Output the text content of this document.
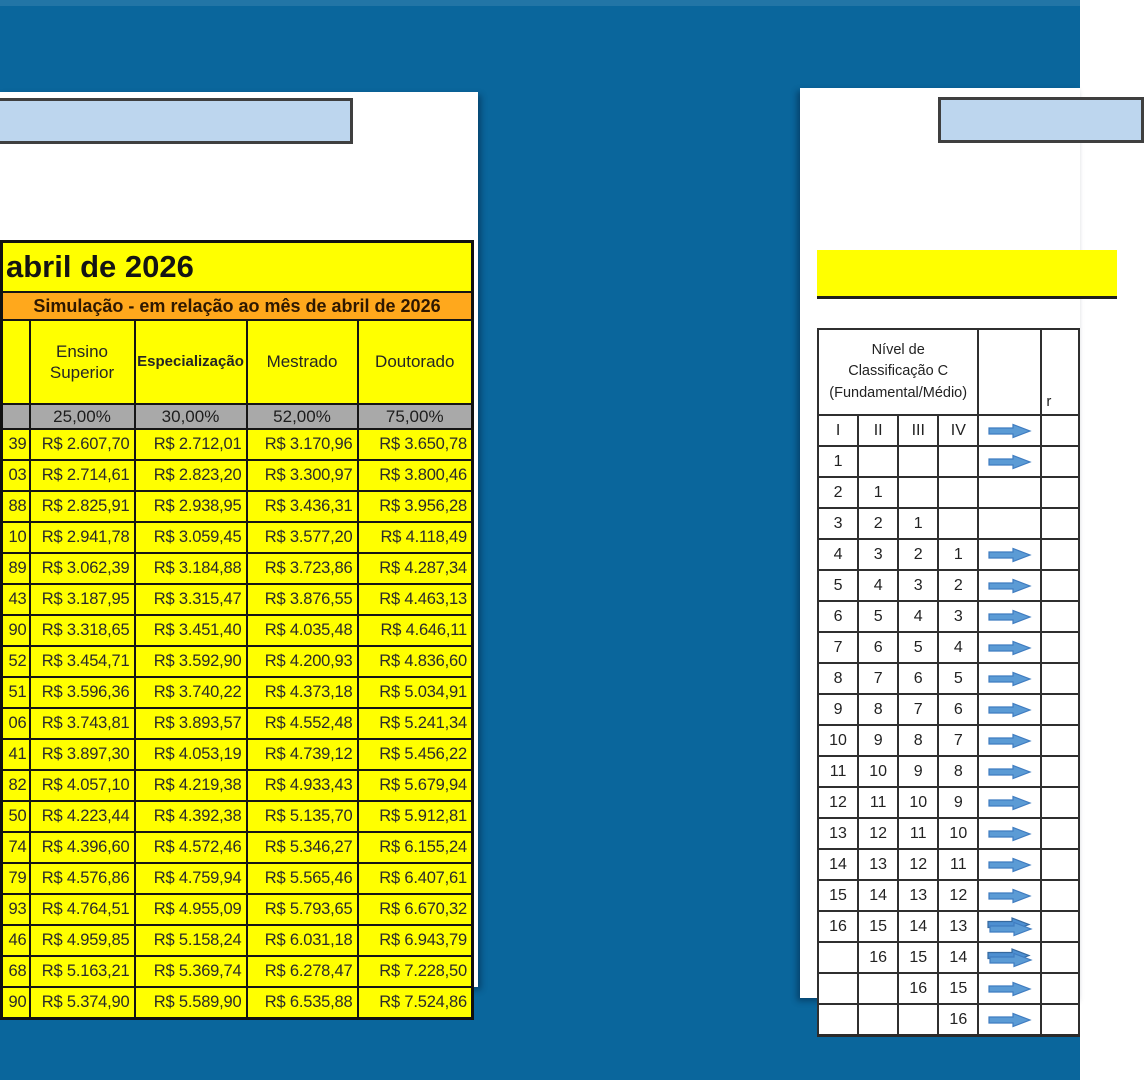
abril de 2026				
Simulação - em relação ao mês de abril de 2026				
	Ensino Superior	Especialização	Mestrado	Doutorado
	25,00%	30,00%	52,00%	75,00%
39	R$ 2.607,70	R$ 2.712,01	R$ 3.170,96	R$ 3.650,78
03	R$ 2.714,61	R$ 2.823,20	R$ 3.300,97	R$ 3.800,46
88	R$ 2.825,91	R$ 2.938,95	R$ 3.436,31	R$ 3.956,28
10	R$ 2.941,78	R$ 3.059,45	R$ 3.577,20	R$ 4.118,49
89	R$ 3.062,39	R$ 3.184,88	R$ 3.723,86	R$ 4.287,34
43	R$ 3.187,95	R$ 3.315,47	R$ 3.876,55	R$ 4.463,13
90	R$ 3.318,65	R$ 3.451,40	R$ 4.035,48	R$ 4.646,11
52	R$ 3.454,71	R$ 3.592,90	R$ 4.200,93	R$ 4.836,60
51	R$ 3.596,36	R$ 3.740,22	R$ 4.373,18	R$ 5.034,91
06	R$ 3.743,81	R$ 3.893,57	R$ 4.552,48	R$ 5.241,34
41	R$ 3.897,30	R$ 4.053,19	R$ 4.739,12	R$ 5.456,22
82	R$ 4.057,10	R$ 4.219,38	R$ 4.933,43	R$ 5.679,94
50	R$ 4.223,44	R$ 4.392,38	R$ 5.135,70	R$ 5.912,81
74	R$ 4.396,60	R$ 4.572,46	R$ 5.346,27	R$ 6.155,24
79	R$ 4.576,86	R$ 4.759,94	R$ 5.565,46	R$ 6.407,61
93	R$ 4.764,51	R$ 4.955,09	R$ 5.793,65	R$ 6.670,32
46	R$ 4.959,85	R$ 5.158,24	R$ 6.031,18	R$ 6.943,79
68	R$ 5.163,21	R$ 5.369,74	R$ 6.278,47	R$ 7.228,50
90	R$ 5.374,90	R$ 5.589,90	R$ 6.535,88	R$ 7.524,86
Nível de
Classificação C
(Fundamental/Médio)					r
I	II	III	IV	

1				

2	1				
3	2	1			
4	3	2	1	

5	4	3	2	

6	5	4	3	

7	6	5	4	

8	7	6	5	

9	8	7	6	

10	9	8	7	

11	10	9	8	

12	11	10	9	

13	12	11	10	

14	13	12	11	

15	14	13	12	

16	15	14	13	

	16	15	14	

		16	15	

			16	
